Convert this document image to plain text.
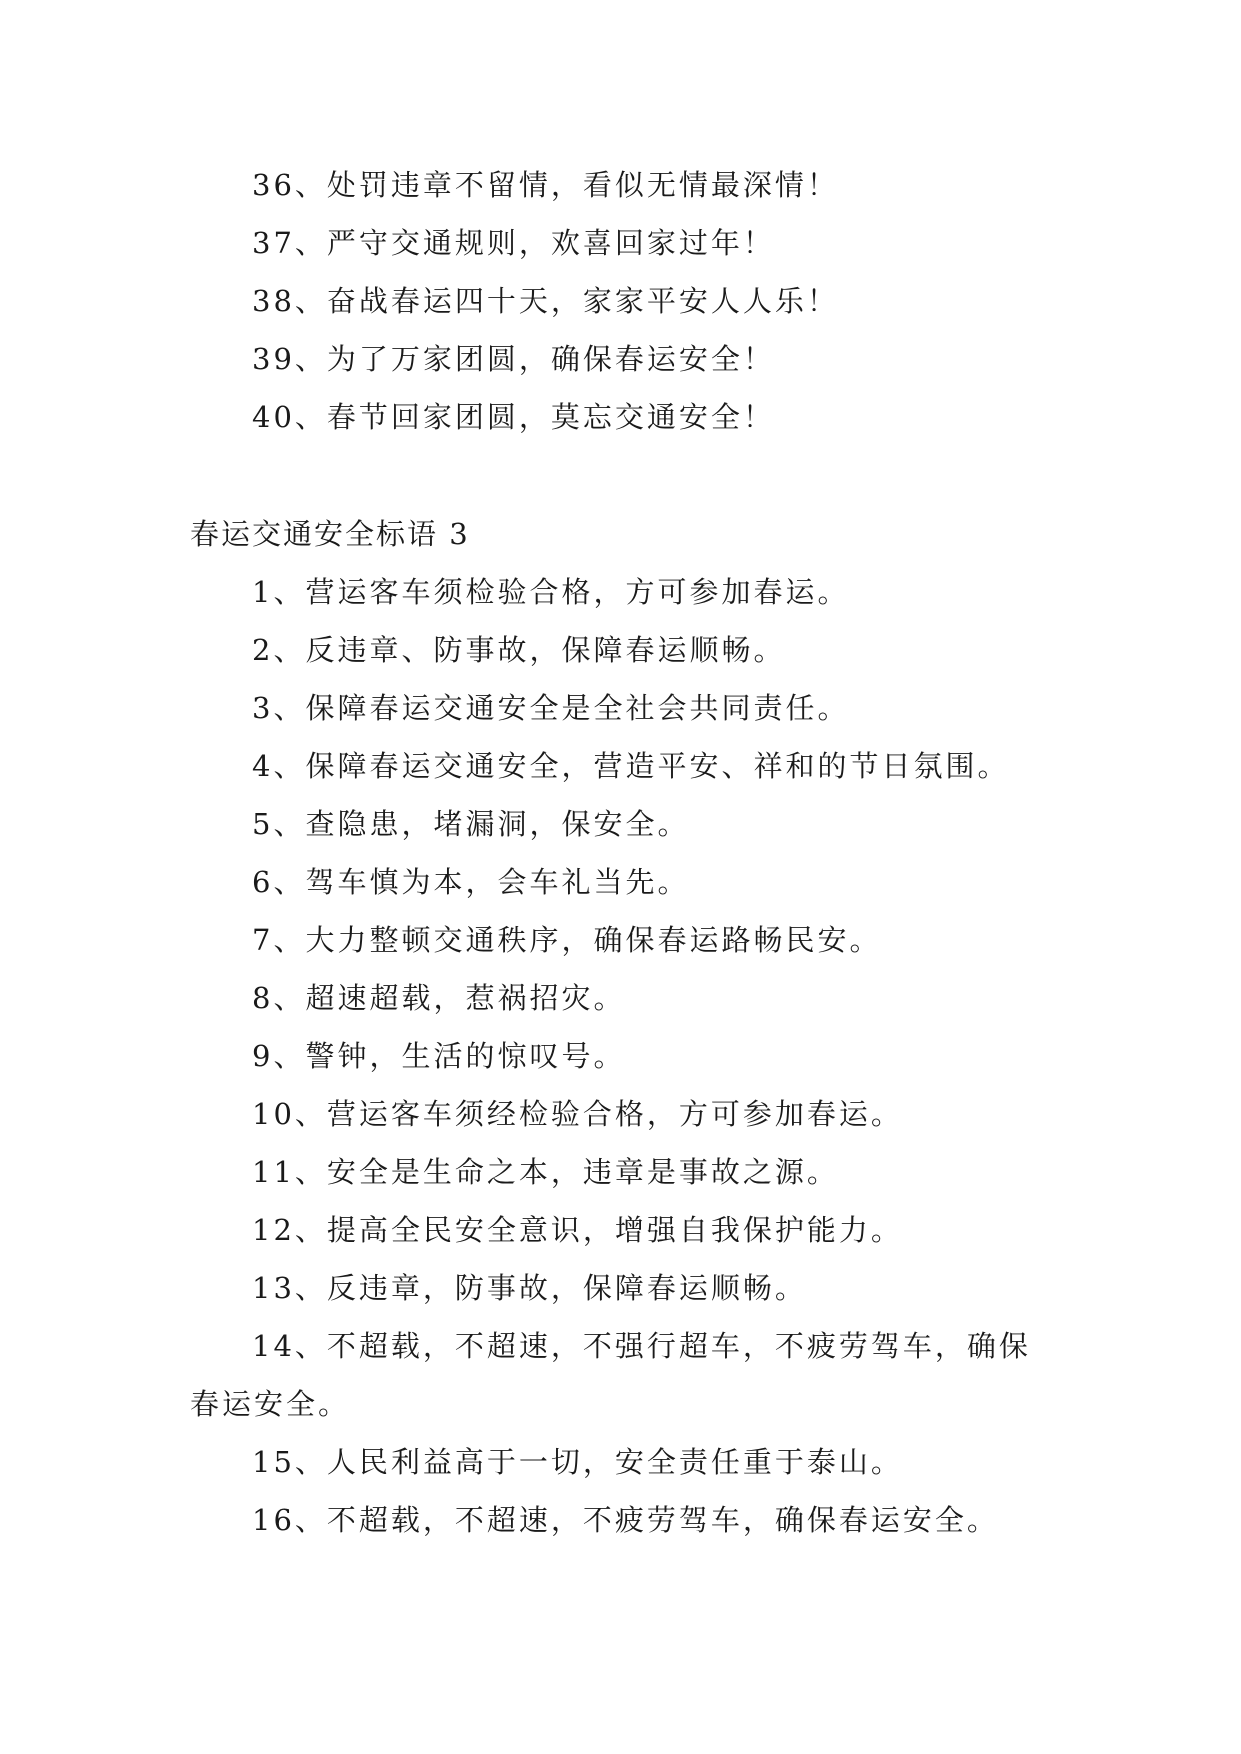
36、处罚违章不留情，看似无情最深情！
37、严守交通规则，欢喜回家过年！
38、奋战春运四十天，家家平安人人乐！
39、为了万家团圆，确保春运安全！
40、春节回家团圆，莫忘交通安全！
春运交通安全标语 3
1、营运客车须检验合格，方可参加春运。
2、反违章、防事故，保障春运顺畅。
3、保障春运交通安全是全社会共同责任。
4、保障春运交通安全，营造平安、祥和的节日氛围。
5、查隐患，堵漏洞，保安全。
6、驾车慎为本，会车礼当先。
7、大力整顿交通秩序，确保春运路畅民安。
8、超速超载，惹祸招灾。
9、警钟，生活的惊叹号。
10、营运客车须经检验合格，方可参加春运。
11、安全是生命之本，违章是事故之源。
12、提高全民安全意识，增强自我保护能力。
13、反违章，防事故，保障春运顺畅。
14、不超载，不超速，不强行超车，不疲劳驾车，确保
春运安全。
15、人民利益高于一切，安全责任重于泰山。
16、不超载，不超速，不疲劳驾车，确保春运安全。
